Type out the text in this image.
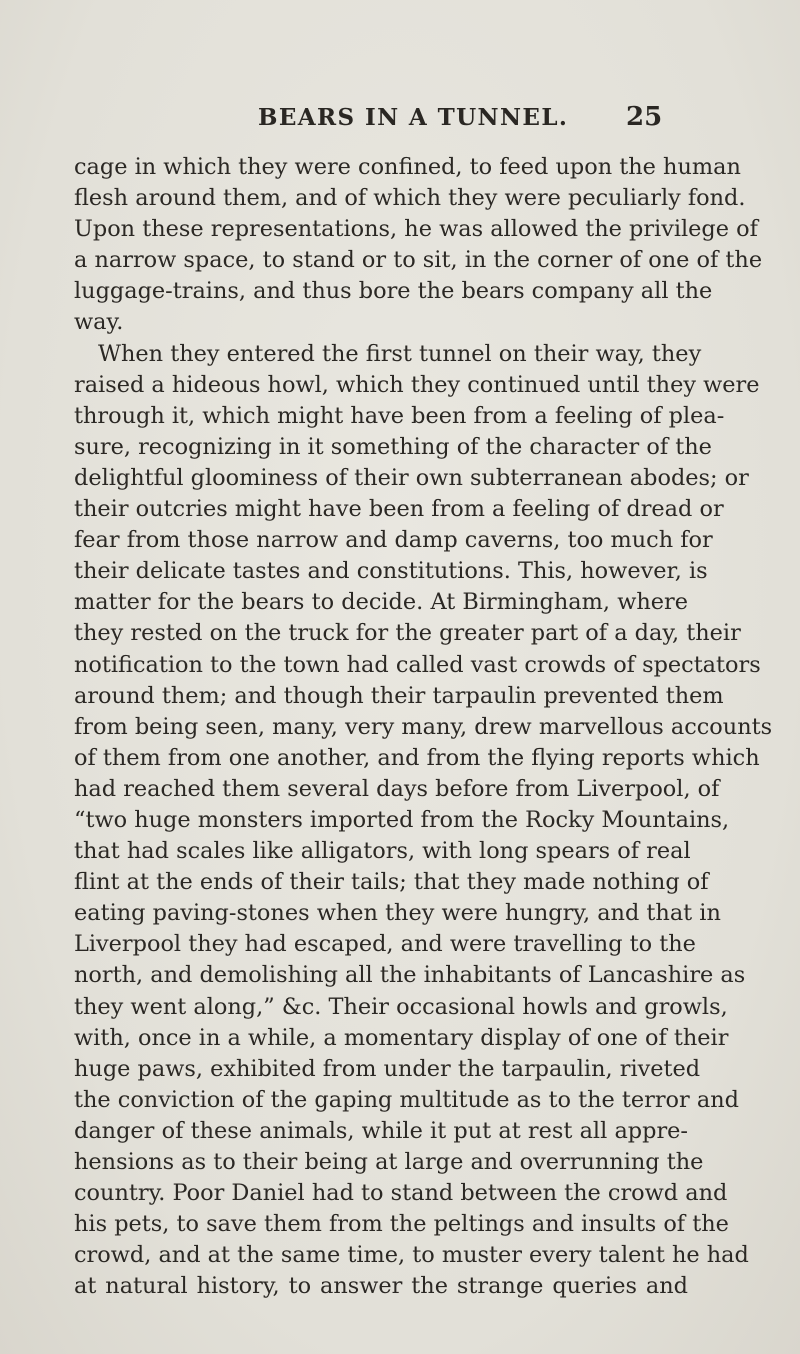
BEARS IN A TUNNEL. 25
cage in which they were confined, to feed upon the human
flesh around them, and of which they were peculiarly fond.
Upon these representations, he was allowed the privilege of
a narrow space, to stand or to sit, in the corner of one of the
luggage-trains, and thus bore the bears company all the
way.
When they entered the first tunnel on their way, they
raised a hideous howl, which they continued until they were
through it, which might have been from a feeling of plea-
sure, recognizing in it something of the character of the
delightful gloominess of their own subterranean abodes; or
their outcries might have been from a feeling of dread or
fear from those narrow and damp caverns, too much for
their delicate tastes and constitutions. This, however, is
matter for the bears to decide. At Birmingham, where
they rested on the truck for the greater part of a day, their
notification to the town had called vast crowds of spectators
around them; and though their tarpaulin prevented them
from being seen, many, very many, drew marvellous accounts
of them from one another, and from the flying reports which
had reached them several days before from Liverpool, of
“two huge monsters imported from the Rocky Mountains,
that had scales like alligators, with long spears of real
flint at the ends of their tails; that they made nothing of
eating paving-stones when they were hungry, and that in
Liverpool they had escaped, and were travelling to the
north, and demolishing all the inhabitants of Lancashire as
they went along,” &c. Their occasional howls and growls,
with, once in a while, a momentary display of one of their
huge paws, exhibited from under the tarpaulin, riveted
the conviction of the gaping multitude as to the terror and
danger of these animals, while it put at rest all appre-
hensions as to their being at large and overrunning the
country. Poor Daniel had to stand between the crowd and
his pets, to save them from the peltings and insults of the
crowd, and at the same time, to muster every talent he had
at natural history, to answer the strange queries and
